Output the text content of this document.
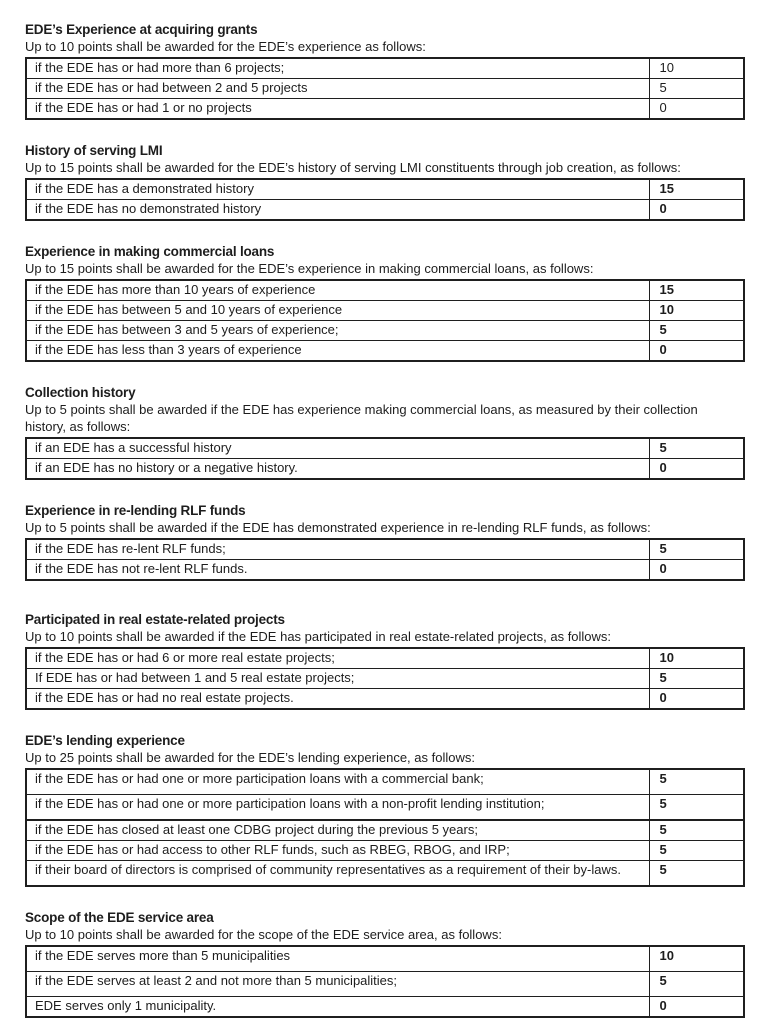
EDE’s Experience at acquiring grants
Up to 10 points shall be awarded for the EDE’s experience as follows:
if the EDE has or had more than 6 projects;	10
if the EDE has or had between 2 and 5 projects	5
if the EDE has or had 1 or no projects	0
History of serving LMI
Up to 15 points shall be awarded for the EDE’s history of serving LMI constituents through job creation, as follows:
if the EDE has a demonstrated history	15
if the EDE has no demonstrated history	0
Experience in making commercial loans
Up to 15 points shall be awarded for the EDE’s experience in making commercial loans, as follows:
if the EDE has more than 10 years of experience	15
if the EDE has between 5 and 10 years of experience	10
if the EDE has between 3 and 5 years of experience;	5
if the EDE has less than 3 years of experience	0
Collection history
Up to 5 points shall be awarded if the EDE has experience making commercial loans, as measured by their collection
history, as follows:
if an EDE has a successful history	5
if an EDE has no history or a negative history.	0
Experience in re-lending RLF funds
Up to 5 points shall be awarded if the EDE has demonstrated experience in re-lending RLF funds, as follows:
if the EDE has re-lent RLF funds;	5
if the EDE has not re-lent RLF funds.	0
Participated in real estate-related projects
Up to 10 points shall be awarded if the EDE has participated in real estate-related projects, as follows:
if the EDE has or had 6 or more real estate projects;	10
If EDE has or had between 1 and 5 real estate projects;	5
if the EDE has or had no real estate projects.	0
EDE’s lending experience
Up to 25 points shall be awarded for the EDE’s lending experience, as follows:
if the EDE has or had one or more participation loans with a commercial bank;	5
if the EDE has or had one or more participation loans with a non-profit lending institution;	5
if the EDE has closed at least one CDBG project during the previous 5 years;	5
if the EDE has or had access to other RLF funds, such as RBEG, RBOG, and IRP;	5
if their board of directors is comprised of community representatives as a requirement of their by-laws.	5
Scope of the EDE service area
Up to 10 points shall be awarded for the scope of the EDE service area, as follows:
if the EDE serves more than 5 municipalities	10
if the EDE serves at least 2 and not more than 5 municipalities;	5
EDE serves only 1 municipality.	0
